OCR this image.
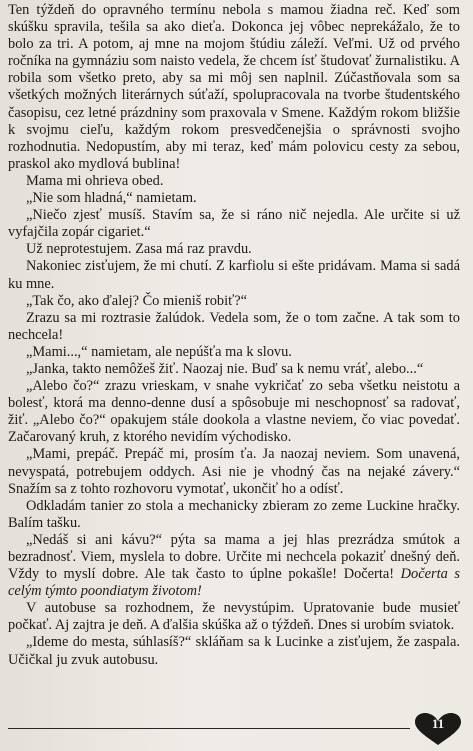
Ten týždeň do opravného termínu nebola s mamou žiadna reč. Keď som skúšku spravila, tešila sa ako dieťa. Dokonca jej vôbec neprekážalo, že to bolo za tri. A potom, aj mne na mojom štúdiu záleží. Veľmi. Už od prvého ročníka na gymnáziu som naisto vedela, že chcem ísť študovať žurnalistiku. A robila som všetko preto, aby sa mi môj sen naplnil. Zúčastňovala som sa všetkých možných literárnych súťaží, spolupracovala na tvorbe študentského časopisu, cez letné prázdniny som praxovala v Smene. Každým rokom bližšie k svojmu cieľu, každým rokom presvedčenejšia o správnosti svojho rozhodnutia. Nedopustím, aby mi teraz, keď mám polovicu cesty za sebou, praskol ako mydlová bublina!

Mama mi ohrieva obed.

„Nie som hladná,“ namietam.

„Niečo zjesť musíš. Stavím sa, že si ráno nič nejedla. Ale určite si už vyfajčila zopár cigariet.“

Už neprotestujem. Zasa má raz pravdu.

Nakoniec zisťujem, že mi chutí. Z karfiolu si ešte pridávam. Mama si sadá ku mne.

„Tak čo, ako ďalej? Čo mieniš robiť?“

Zrazu sa mi roztrasie žalúdok. Vedela som, že o tom začne. A tak som to nechcela!

„Mami...,“ namietam, ale nepúšťa ma k slovu.

„Janka, takto nemôžeš žiť. Naozaj nie. Buď sa k nemu vráť, alebo...“

„Alebo čo?“ zrazu vrieskam, v snahe vykričať zo seba všetku neistotu a bolesť, ktorá ma denno-denne dusí a spôsobuje mi neschopnosť sa radovať, žiť. „Alebo čo?“ opakujem stále dookola a vlastne neviem, čo viac povedať. Začarovaný kruh, z ktorého nevidím východisko.

„Mami, prepáč. Prepáč mi, prosím ťa. Ja naozaj neviem. Som unavená, nevyspatá, potrebujem oddych. Asi nie je vhodný čas na nejaké závery.“ Snažím sa z tohto rozhovoru vymotať, ukončiť ho a odísť.

Odkladám tanier zo stola a mechanicky zbieram zo zeme Luckine hračky. Balím tašku.

„Nedáš si ani kávu?“ pýta sa mama a jej hlas prezrádza smútok a bezradnosť. Viem, myslela to dobre. Určite mi nechcela pokaziť dnešný deň. Vždy to myslí dobre. Ale tak často to úplne pokašle! Dočerta! Dočerta s celým týmto poondiatym životom!

V autobuse sa rozhodnem, že nevystúpim. Upratovanie bude musieť počkať. Aj zajtra je deň. A ďalšia skúška až o týždeň. Dnes si urobím sviatok.

„Ideme do mesta, súhlasíš?“ skláňam sa k Lucinke a zisťujem, že zaspala. Učičkal ju zvuk autobusu.

11
